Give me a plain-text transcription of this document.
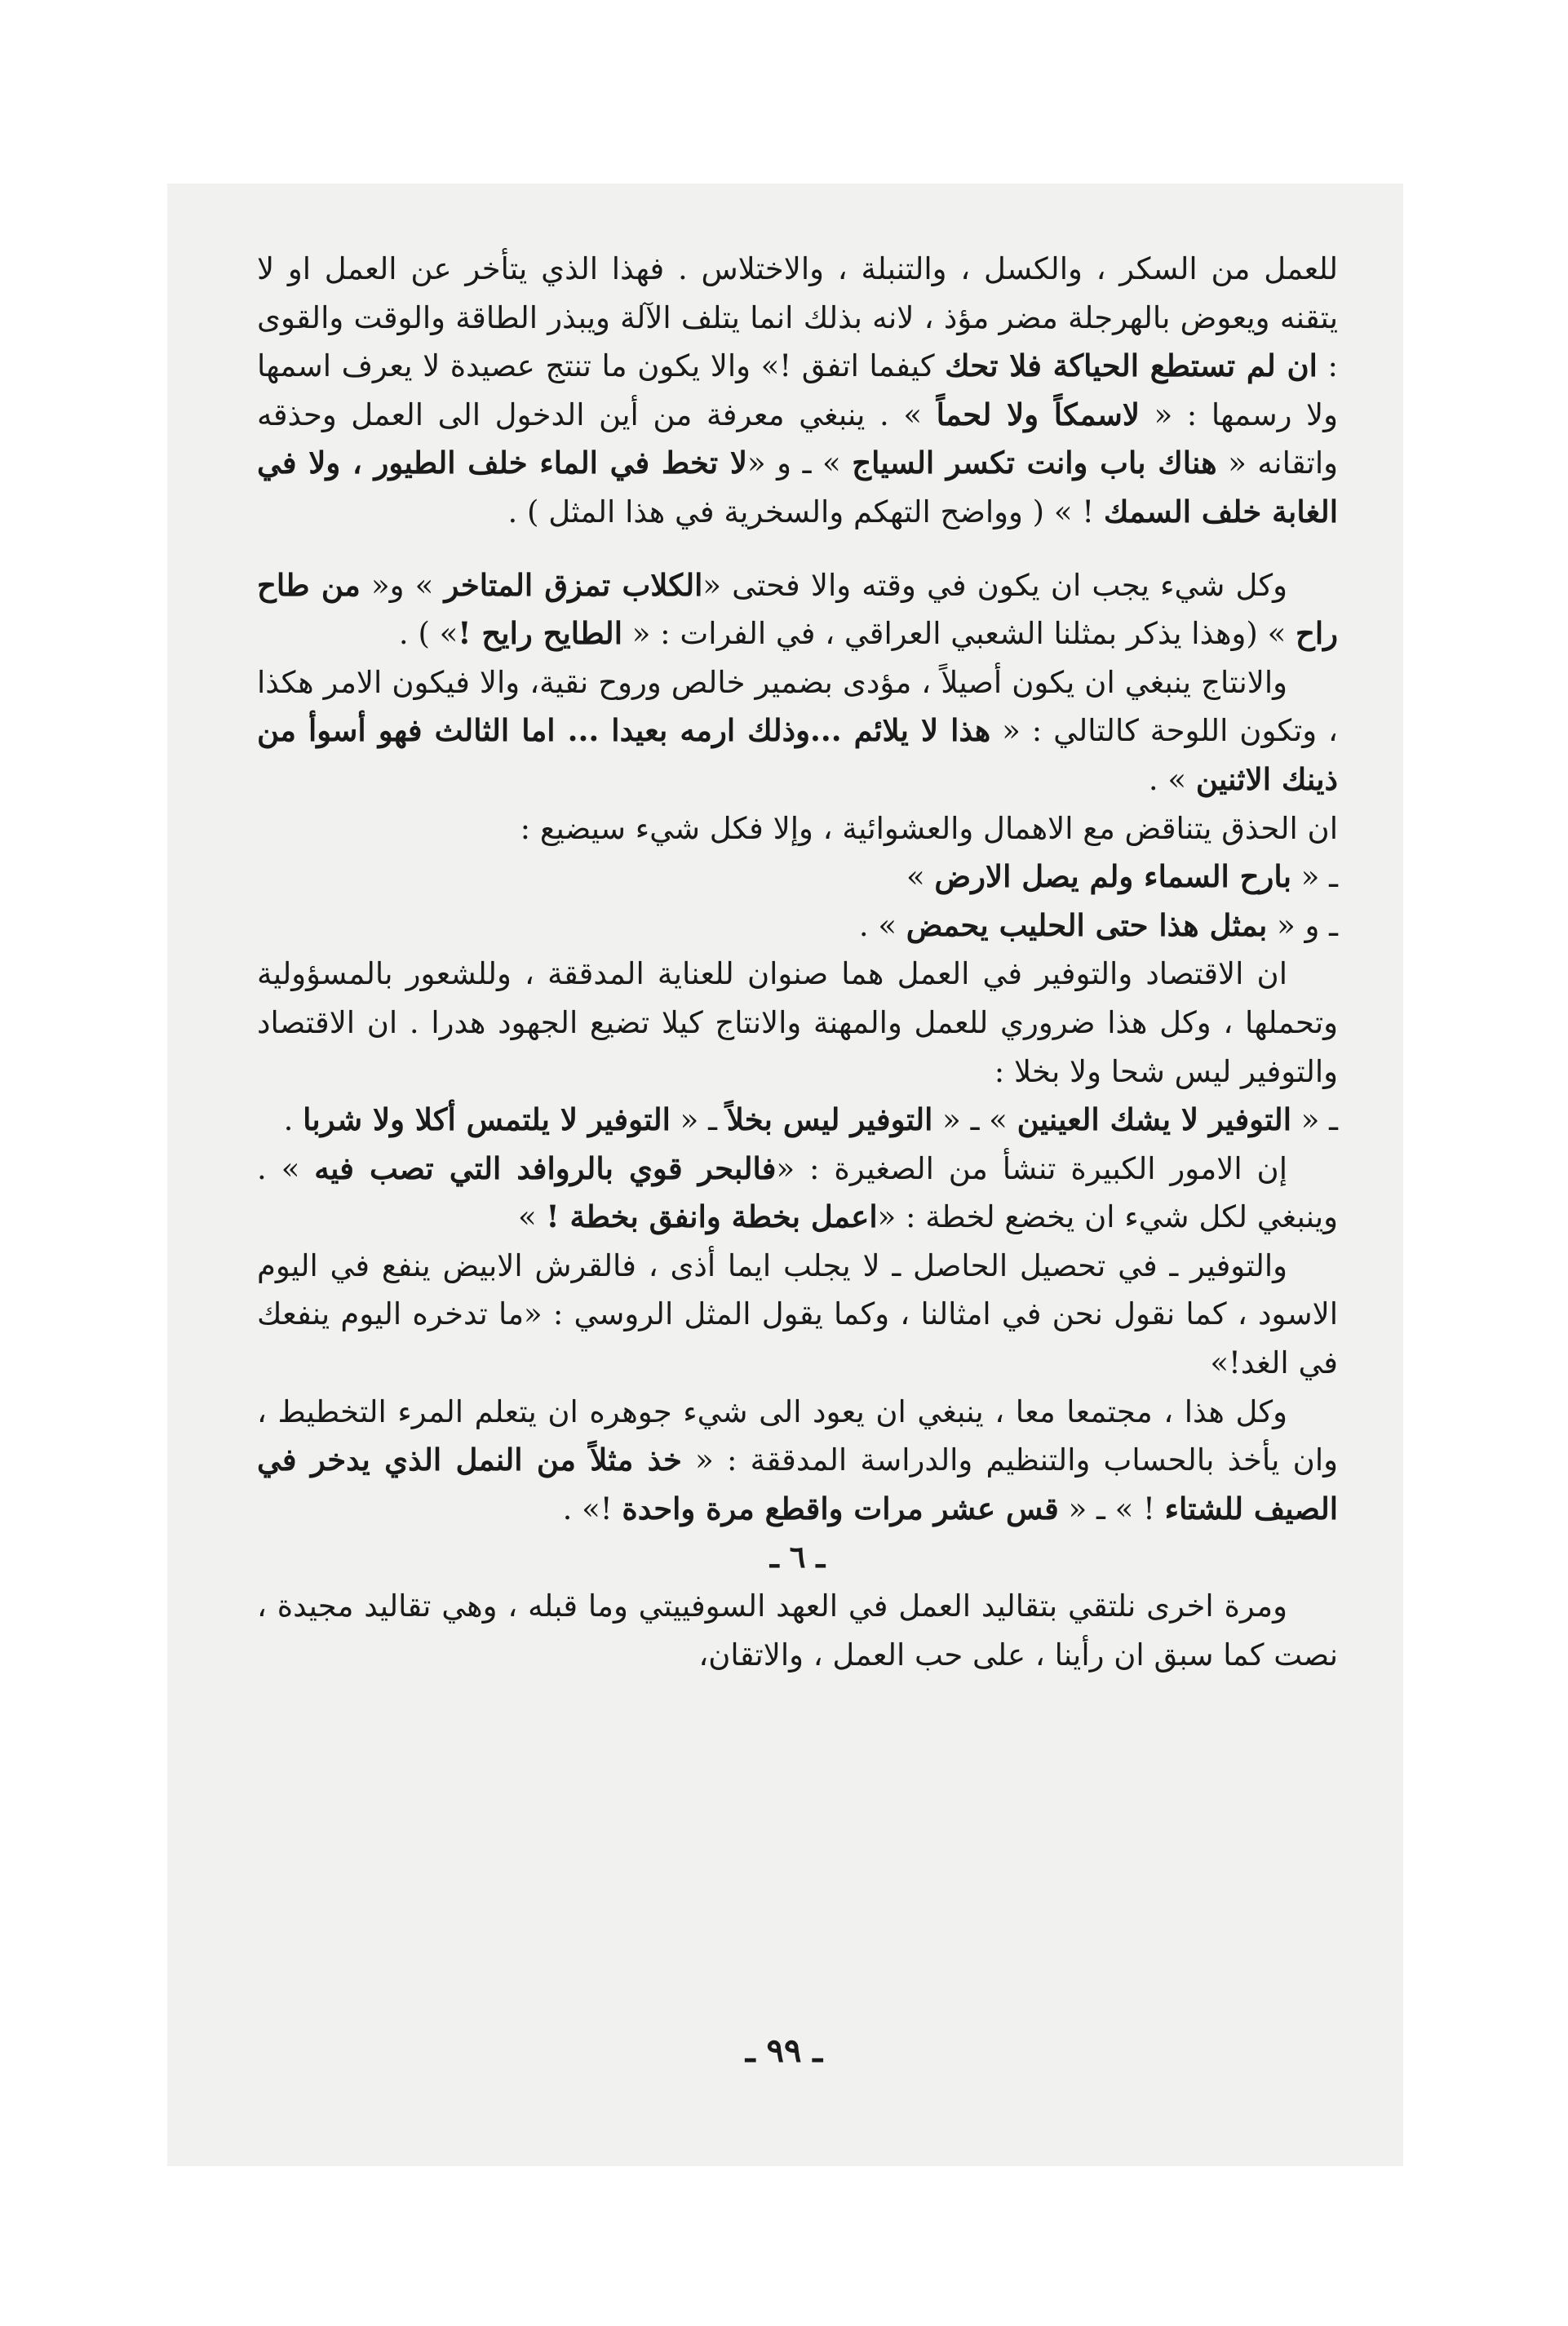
للعمل من السكر ، والكسل ، والتنبلة ، والاختلاس . فهذا الذي يتأخر عن العمل او لا يتقنه ويعوض بالهرجلة مضر مؤذ ، لانه بذلك انما يتلف الآلة ويبذر الطاقة والوقت والقوى : ان لم تستطع الحياكة فلا تحك كيفما اتفق !» والا يكون ما تنتج عصيدة لا يعرف اسمها ولا رسمها : « لاسمكاً ولا لحماً » . ينبغي معرفة من أين الدخول الى العمل وحذقه واتقانه « هناك باب وانت تكسر السياج » ـ و «لا تخط في الماء خلف الطيور ، ولا في الغابة خلف السمك ! » ( وواضح التهكم والسخرية في هذا المثل ) .

وكل شيء يجب ان يكون في وقته والا فحتى «الكلاب تمزق المتاخر » و« من طاح راح » (وهذا يذكر بمثلنا الشعبي العراقي ، في الفرات : « الطايح رايح !» ) .

والانتاج ينبغي ان يكون أصيلاً ، مؤدى بضمير خالص وروح نقية، والا فيكون الامر هكذا ، وتكون اللوحة كالتالي : « هذا لا يلائم ...وذلك ارمه بعيدا ... اما الثالث فهو أسوأ من ذينك الاثنين » .

ان الحذق يتناقض مع الاهمال والعشوائية ، وإلا فكل شيء سيضيع :

ـ « بارح السماء ولم يصل الارض »

ـ و « بمثل هذا حتى الحليب يحمض » .

ان الاقتصاد والتوفير في العمل هما صنوان للعناية المدققة ، وللشعور بالمسؤولية وتحملها ، وكل هذا ضروري للعمل والمهنة والانتاج كيلا تضيع الجهود هدرا . ان الاقتصاد والتوفير ليس شحا ولا بخلا :

ـ « التوفير لا يشك العينين » ـ « التوفير ليس بخلاً ـ « التوفير لا يلتمس أكلا ولا شربا .

إن الامور الكبيرة تنشأ من الصغيرة : «فالبحر قوي بالروافد التي تصب فيه » . وينبغي لكل شيء ان يخضع لخطة : «اعمل بخطة وانفق بخطة ! »

والتوفير ـ في تحصيل الحاصل ـ لا يجلب ايما أذى ، فالقرش الابيض ينفع في اليوم الاسود ، كما نقول نحن في امثالنا ، وكما يقول المثل الروسي : «ما تدخره اليوم ينفعك في الغد!»

وكل هذا ، مجتمعا معا ، ينبغي ان يعود الى شيء جوهره ان يتعلم المرء التخطيط ، وان يأخذ بالحساب والتنظيم والدراسة المدققة : « خذ مثلاً من النمل الذي يدخر في الصيف للشتاء ! » ـ « قس عشر مرات واقطع مرة واحدة !» .

ـ ٦ ـ

ومرة اخرى نلتقي بتقاليد العمل في العهد السوفييتي وما قبله ، وهي تقاليد مجيدة ، نصت كما سبق ان رأينا ، على حب العمل ، والاتقان،

ـ ٩٩ ـ
